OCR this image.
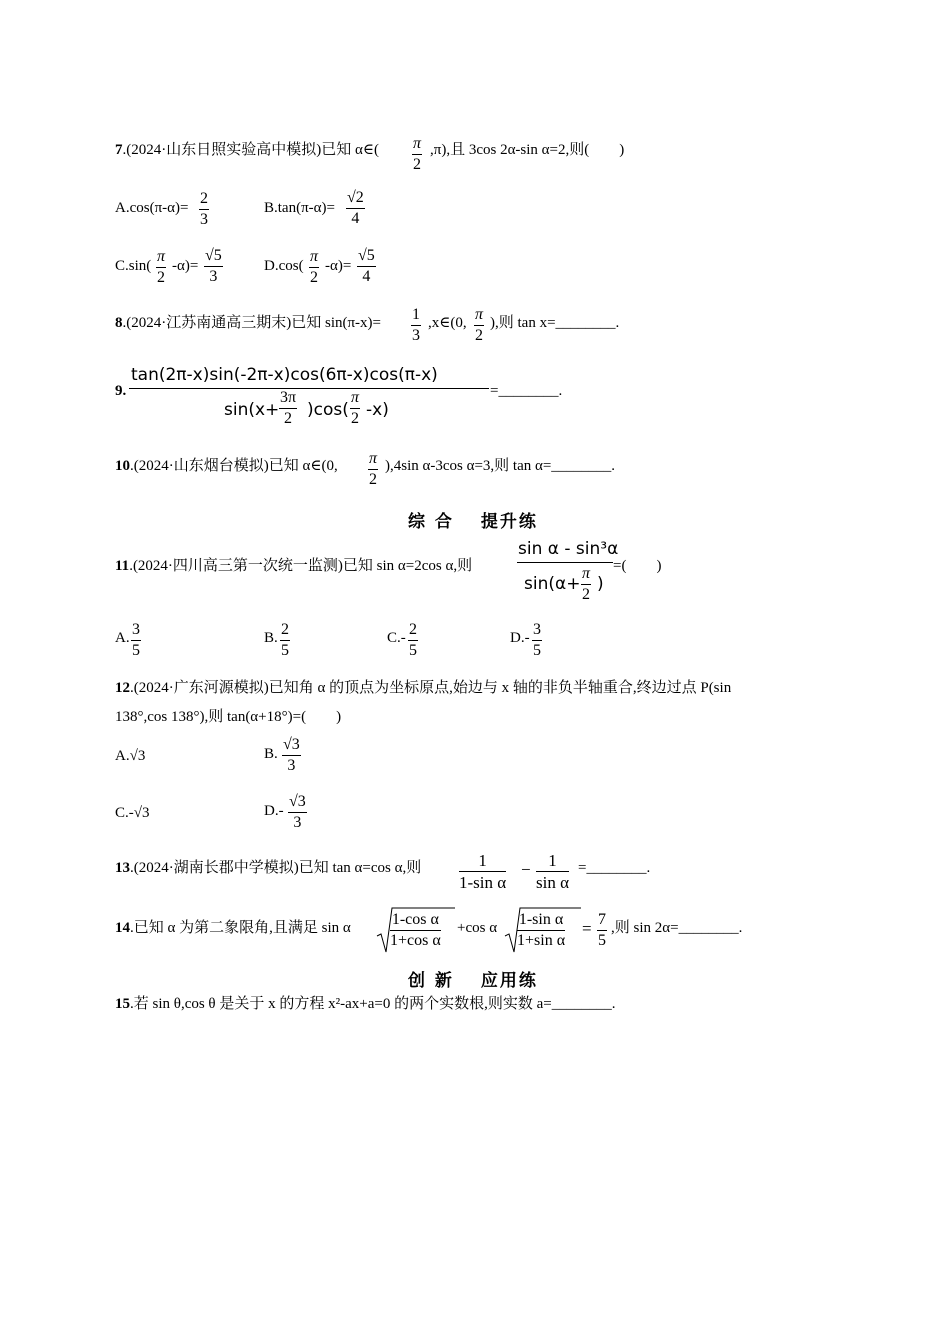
7.(2024·山东日照实验高中模拟)已知 α∈( $\frac{\pi}{2} ,\pi$),且 3cos 2α-sin α=2,则(　　)
$A.\cos(\pi-\alpha)= \frac{2}{3}$	$B.\tan(\pi-\alpha)= \frac{√2}{4}$
$C.\sin( \frac{\pi}{2} -\alpha)= \frac{√5}{3}$	$D.\cos( \frac{\pi}{2} -\alpha)= \frac{√5}{4}$
8.(2024·江苏南通高三期末)已知 $\sin(\pi-x)= \frac{1}{3}$ ,x∈(0, $\frac{\pi}{2}$ ),则 tan x=________.
9.
tan(2π-x)sin(-2π-x)cos(6π-x)cos(π-x)
$\sin(x+ \frac{3\pi}{2} )\cos( \frac{\pi}{2} -x)$
=________.
10.(2024·山东烟台模拟)已知 α∈(0, $\frac{\pi}{2} ),4\sin$ α-3cos α=3,则 tan α=________.
综 合　 提升练
11.(2024·四川高三第一次统一监测)已知 sin α=2cos α,则
sin α - sin³α
$\sin(\alpha+ \frac{\pi}{2}$ )
=(　　)
A. $\frac{3}{5}$	B. $\frac{2}{5}$	$C.- \frac{2}{5}$	$D.- \frac{3}{5}$
12.(2024·广东河源模拟)已知角 α 的顶点为坐标原点,始边与 x 轴的非负半轴重合,终边过点 P(sin
138°,cos 138°),则 tan(α+18°)=(　　)
A.√3	B. $\frac{√3}{3}$
C.-√3	$D.- \frac{√3}{3}$
13.(2024·湖南长郡中学模拟)已知 tan α=cos α,则 $\frac{1}{\text{1-sin α}} - \frac{1}{\text{sin α}}$ =________.
14.已知 α 为第二象限角,且满足 sin α $\frac{\text{1-cos α}}{\text{1+cos α}} +\cos$ α $\frac{\text{1-sin α}}{\text{1+sin α}} = \frac{7}{5}$ ,则 sin 2α=________.
创 新　 应用练
15.若 sin θ,cos θ 是关于 x 的方程 x²-ax+a=0 的两个实数根,则实数 a=________.
